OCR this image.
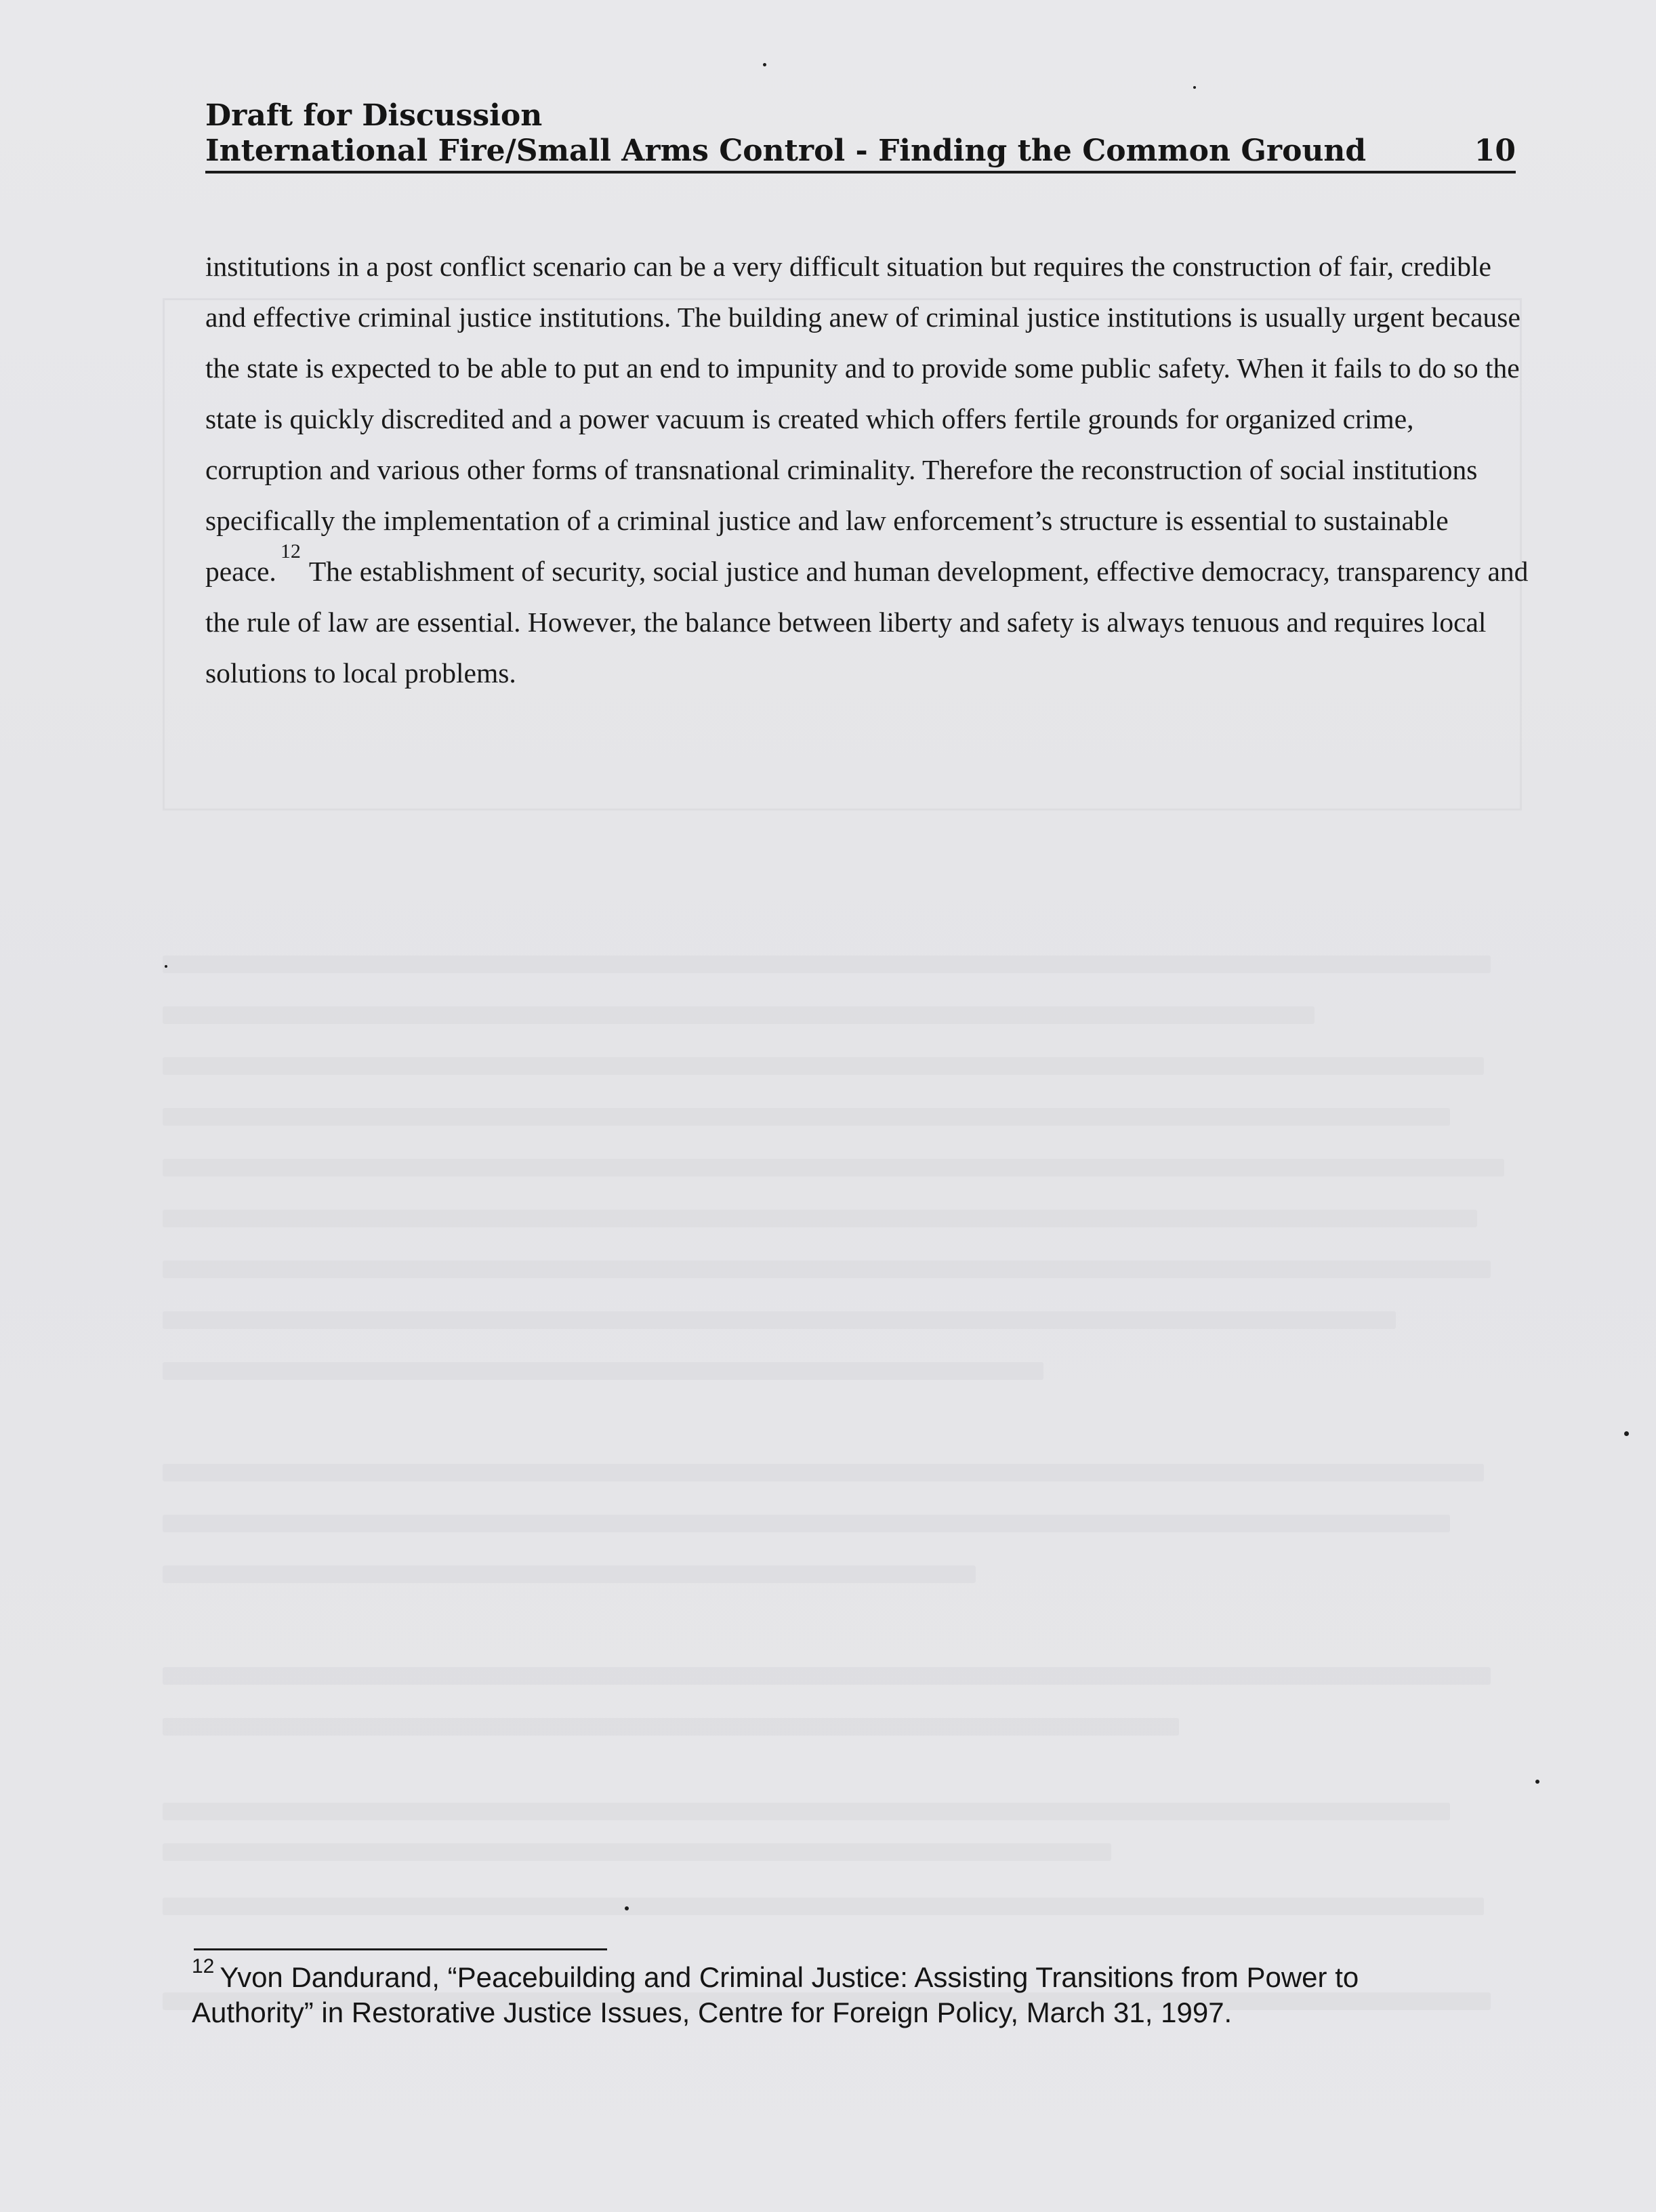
Draft for Discussion
International Fire/Small Arms Control - Finding the Common Ground	10

institutions in a post conflict scenario can be a very difficult situation but requires the construction of fair, credible and effective criminal justice institutions. The building anew of criminal justice institutions is usually urgent because the state is expected to be able to put an end to impunity and to provide some public safety. When it fails to do so the state is quickly discredited and a power vacuum is created which offers fertile grounds for organized crime, corruption and various other forms of transnational criminality. Therefore the reconstruction of social institutions specifically the implementation of a criminal justice and law enforcement’s structure is essential to sustainable peace.$^{12}$The establishment of security, social justice and human development, effective democracy, transparency and the rule of law are essential. However, the balance between liberty and safety is always tenuous and requires local solutions to local problems.

$^{12}$ Yvon Dandurand, “Peacebuilding and Criminal Justice: Assisting Transitions from Power to Authority” in Restorative Justice Issues, Centre for Foreign Policy, March 31, 1997.
